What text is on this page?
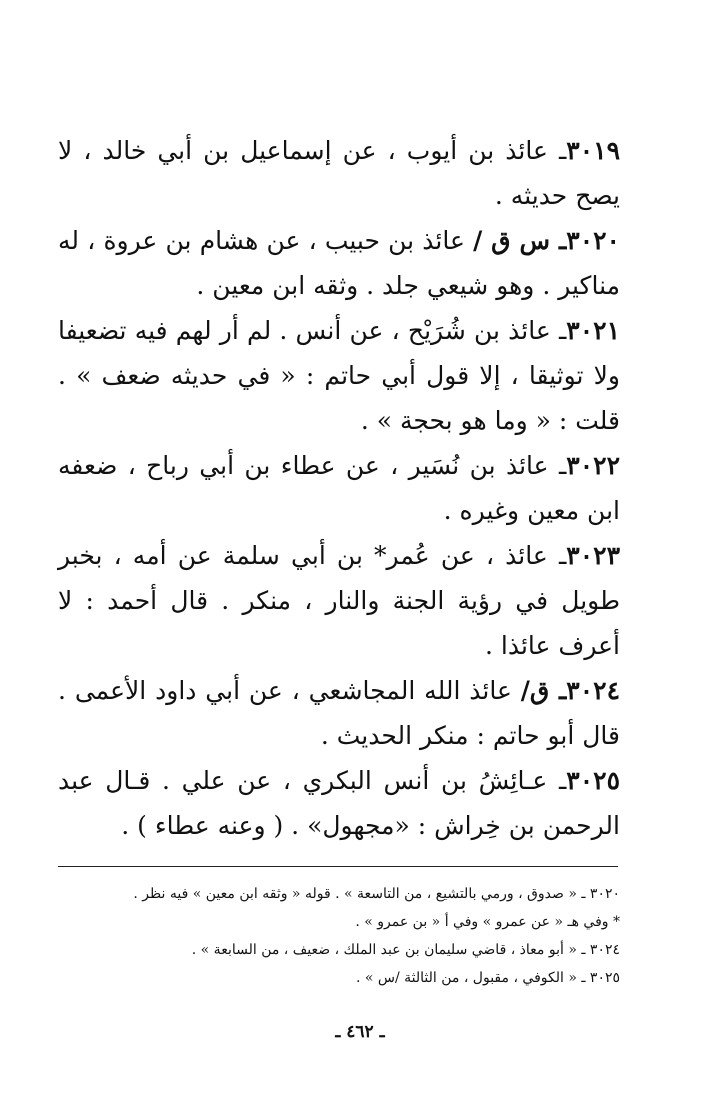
٣٠١٩ـ عائذ بن أيوب ، عن إسماعيل بن أبي خالد ، لا يصح حديثه .

٣٠٢٠ـ س ق / عائذ بن حبيب ، عن هشام بن عروة ، له مناكير . وهو شيعي جلد . وثقه ابن معين .

٣٠٢١ـ عائذ بن شُرَيْح ، عن أنس . لم أر لهم فيه تضعيفا ولا توثيقا ، إلا قول أبي حاتم : « في حديثه ضعف » . قلت : « وما هو بحجة » .

٣٠٢٢ـ عائذ بن نُسَير ، عن عطاء بن أبي رباح ، ضعفه ابن معين وغيره .

٣٠٢٣ـ عائذ ، عن عُمر* بن أبي سلمة عن أمه ، بخبر طويل في رؤية الجنة والنار ، منكر . قال أحمد : لا أعرف عائذا .

٣٠٢٤ـ ق/ عائذ الله المجاشعي ، عن أبي داود الأعمى . قال أبو حاتم : منكر الحديث .

٣٠٢٥ـ عـائِشُ بن أنس البكري ، عن علي . قـال عبد الرحمن بن خِراش : «مجهول» . ( وعنه عطاء ) .

٣٠٢٠ ـ « صدوق ، ورمي بالتشيع ، من التاسعة » . قوله « وثقه ابن معين » فيه نظر .

* وفي هـ « عن عمرو » وفي أ « بن عمرو » .

٣٠٢٤ ـ « أبو معاذ ، قاضي سليمان بن عبد الملك ، ضعيف ، من السابعة » .

٣٠٢٥ ـ « الكوفي ، مقبول ، من الثالثة /س » .

ـ ٤٦٢ ـ
